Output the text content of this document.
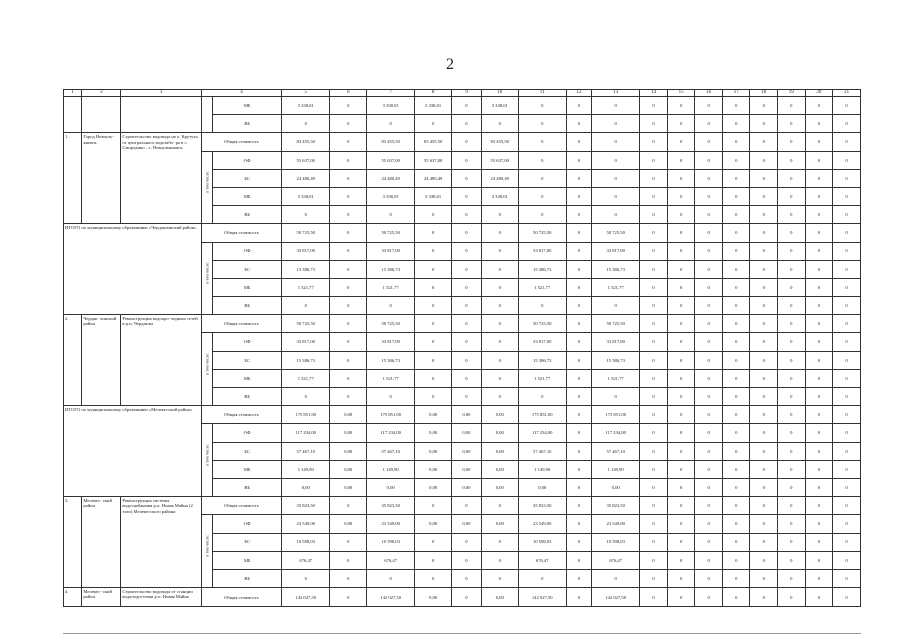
2
1	2	3	4		5	6	7	8	9	10	11	12	13	14	15	16	17	18	19	20	21
				МБ	3 338,01	0	3 338,01	3 338,01	0	3 338,01	0	0	0	0	0	0	0	0	0	0	0
				ВБ	0	0	0	0	0	0	0	0	0	0	0	0	0	0	0	0	0
1.	Город Новоуль- яновск	Строительство водовода на о. Крутуха от центрального водозабо- ра в с. Смородино – г. Новоульяновск	Общая стоимость		83 455,50	0	83 455,50	83 455,50	0	83 455,50	0	0	0	0	0	0	0	0	0	0	0

			в том числе:	ОФ	55 637,00	0	55 637,00	55 637,00	0	55 637,00	0	0	0	0	0	0	0	0	0	0	0
				БС	24 480,49	0	24 480,49	24 480,49	0	24 480,49	0	0	0	0	0	0	0	0	0	0	0
				МБ	3 338,01	0	3 338,01	3 338,01	0	3 338,01	0	0	0	0	0	0	0	0	0	0	0
				ВБ	0	0	0	0	0	0	0	0	0	0	0	0	0	0	0	0	0
ИТОГО по муниципальному образованию «Чердаклинский район»			Общая стоимость		50 725,50	0	50 725,50	0	0	0	50 725,50	0	50 725,50	0	0	0	0	0	0	0	0

			в том числе:	ОФ	33 817,00	0	33 817,00	0	0	0	33 817,00	0	33 817,00	0	0	0	0	0	0	0	0
				БС	15 386,73	0	15 386,73	0	0	0	15 386,73	0	15 386,73	0	0	0	0	0	0	0	0
				МБ	1 521,77	0	1 521,77	0	0	0	1 521,77	0	1 521,77	0	0	0	0	0	0	0	0
				ВБ	0	0	0	0	0	0	0	0	0	0	0	0	0	0	0	0	0
2.	Чердак- линский район	Реконструкция водопро- водных сетей в р.п. Чердаклы	Общая стоимость		50 725,50	0	50 725,50	0	0	0	50 725,50	0	50 725,50	0	0	0	0	0	0	0	0

			в том числе:	ОФ	33 817,00	0	33 817,00	0	0	0	33 817,00	0	33 817,00	0	0	0	0	0	0	0	0
				БС	15 386,73	0	15 386,73	0	0	0	15 386,73	0	15 386,73	0	0	0	0	0	0	0	0
				МБ	1 521,77	0	1 521,77	0	0	0	1 521,77	0	1 521,77	0	0	0	0	0	0	0	0
				ВБ	0	0	0	0	0	0	0	0	0	0	0	0	0	0	0	0	0
ИТОГО по муниципальному образованию «Мелекесский район»			Общая стоимость		175 851,00	0,00	175 851,00	0,00	0,00	0,00	175 851,00	0	175 851,00	0	0	0	0	0	0	0	0

			в том числе:	ОФ	117 234,00	0,00	117 234,00	0,00	0,00	0,00	117 234,00	0	117 234,00	0	0	0	0	0	0	0	0
				БС	57 467,10	0,00	57 467,10	0,00	0,00	0,00	57 467,10	0	57 467,10	0	0	0	0	0	0	0	0
				МБ	1 149,90	0,00	1 149,90	0,00	0,00	0,00	1 149,90	0	1 149,90	0	0	0	0	0	0	0	0
				ВБ	0,00	0,00	0,00	0,00	0,00	0,00	0,00	0	0,00	0	0	0	0	0	0	0	0
3.	Мелекес- ский район	Реконструкция системы водоснабжения р.п. Новая Майна (2 этап) Мелекесского района	Общая стоимость		35 823,50	0	35 823,50	0	0	0	35 823,50	0	35 823,50	0	0	0	0	0	0	0	0

			в том числе:	ОФ	23 549,00	0,00	23 549,00	0,00	0,00	0,00	23 549,00	0	23 549,00	0	0	0	0	0	0	0	0
				БС	10 598,03	0	10 598,03	0	0	0	10 598,03	0	10 598,03	0	0	0	0	0	0	0	0
				МБ	676,47	0	676,47	0	0	0	676,47	0	676,47	0	0	0	0	0	0	0	0
				ВБ	0	0	0	0	0	0	0	0	0	0	0	0	0	0	0	0	0
4.	Мелекес- ский район	Строительство водовода от станции водоподготовки р.п. Новая Майна	Общая стоимость		142 027,50	0	142 027,50	0,00	0	0,00	142 027,50	0	142 027,50	0	0	0	0	0	0	0	0
